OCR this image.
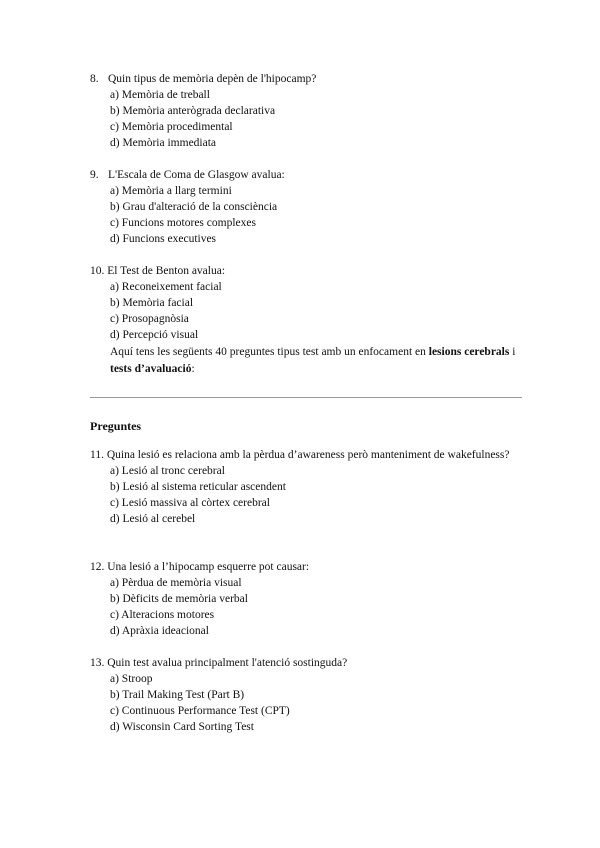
8. Quin tipus de memòria depèn de l'hipocamp?
a) Memòria de treball
b) Memòria anterògrada declarativa
c) Memòria procedimental
d) Memòria immediata
9. L'Escala de Coma de Glasgow avalua:
a) Memòria a llarg termini
b) Grau d'alteració de la consciència
c) Funcions motores complexes
d) Funcions executives
10. El Test de Benton avalua:
a) Reconeixement facial
b) Memòria facial
c) Prosopagnòsia
d) Percepció visual
Aquí tens les següents 40 preguntes tipus test amb un enfocament en lesions cerebrals i tests d’avaluació:
Preguntes
11. Quina lesió es relaciona amb la pèrdua d’awareness però manteniment de wakefulness?
a) Lesió al tronc cerebral
b) Lesió al sistema reticular ascendent
c) Lesió massiva al còrtex cerebral
d) Lesió al cerebel
12. Una lesió a l’hipocamp esquerre pot causar:
a) Pèrdua de memòria visual
b) Dèficits de memòria verbal
c) Alteracions motores
d) Apràxia ideacional
13. Quin test avalua principalment l'atenció sostinguda?
a) Stroop
b) Trail Making Test (Part B)
c) Continuous Performance Test (CPT)
d) Wisconsin Card Sorting Test
